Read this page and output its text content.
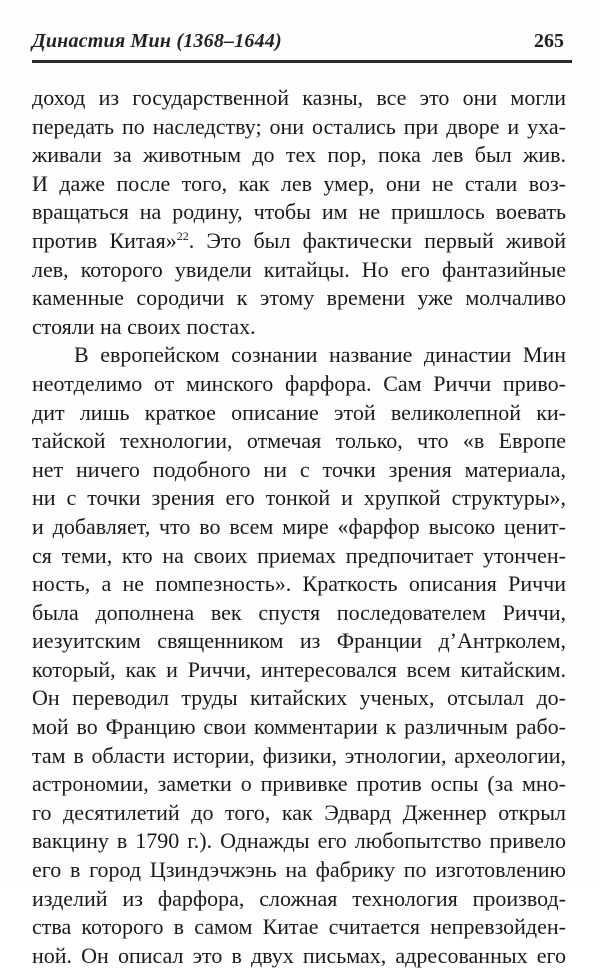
Династия Мин (1368–1644)	265
доход из государственной казны, все это они могли
передать по наследству; они остались при дворе и уха-
живали за животным до тех пор, пока лев был жив.
И даже после того, как лев умер, они не стали воз-
вращаться на родину, чтобы им не пришлось воевать
против Китая»$^{22}$. Это был фактически первый живой
лев, которого увидели китайцы. Но его фантазийные
каменные сородичи к этому времени уже молчаливо
стояли на своих постах.
В европейском сознании название династии Мин
неотделимо от минского фарфора. Сам Риччи приво-
дит лишь краткое описание этой великолепной ки-
тайской технологии, отмечая только, что «в Европе
нет ничего подобного ни с точки зрения материала,
ни с точки зрения его тонкой и хрупкой структуры»,
и добавляет, что во всем мире «фарфор высоко ценит-
ся теми, кто на своих приемах предпочитает утончен-
ность, а не помпезность». Краткость описания Риччи
была дополнена век спустя последователем Риччи,
иезуитским священником из Франции д’Антрколем,
который, как и Риччи, интересовался всем китайским.
Он переводил труды китайских ученых, отсылал до-
мой во Францию свои комментарии к различным рабо-
там в области истории, физики, этнологии, археологии,
астрономии, заметки о прививке против оспы (за мно-
го десятилетий до того, как Эдвард Дженнер открыл
вакцину в 1790 г.). Однажды его любопытство привело
его в город Цзиндэчжэнь на фабрику по изготовлению
изделий из фарфора, сложная технология производ-
ства которого в самом Китае считается непревзойден-
ной. Он описал это в двух письмах, адресованных его
